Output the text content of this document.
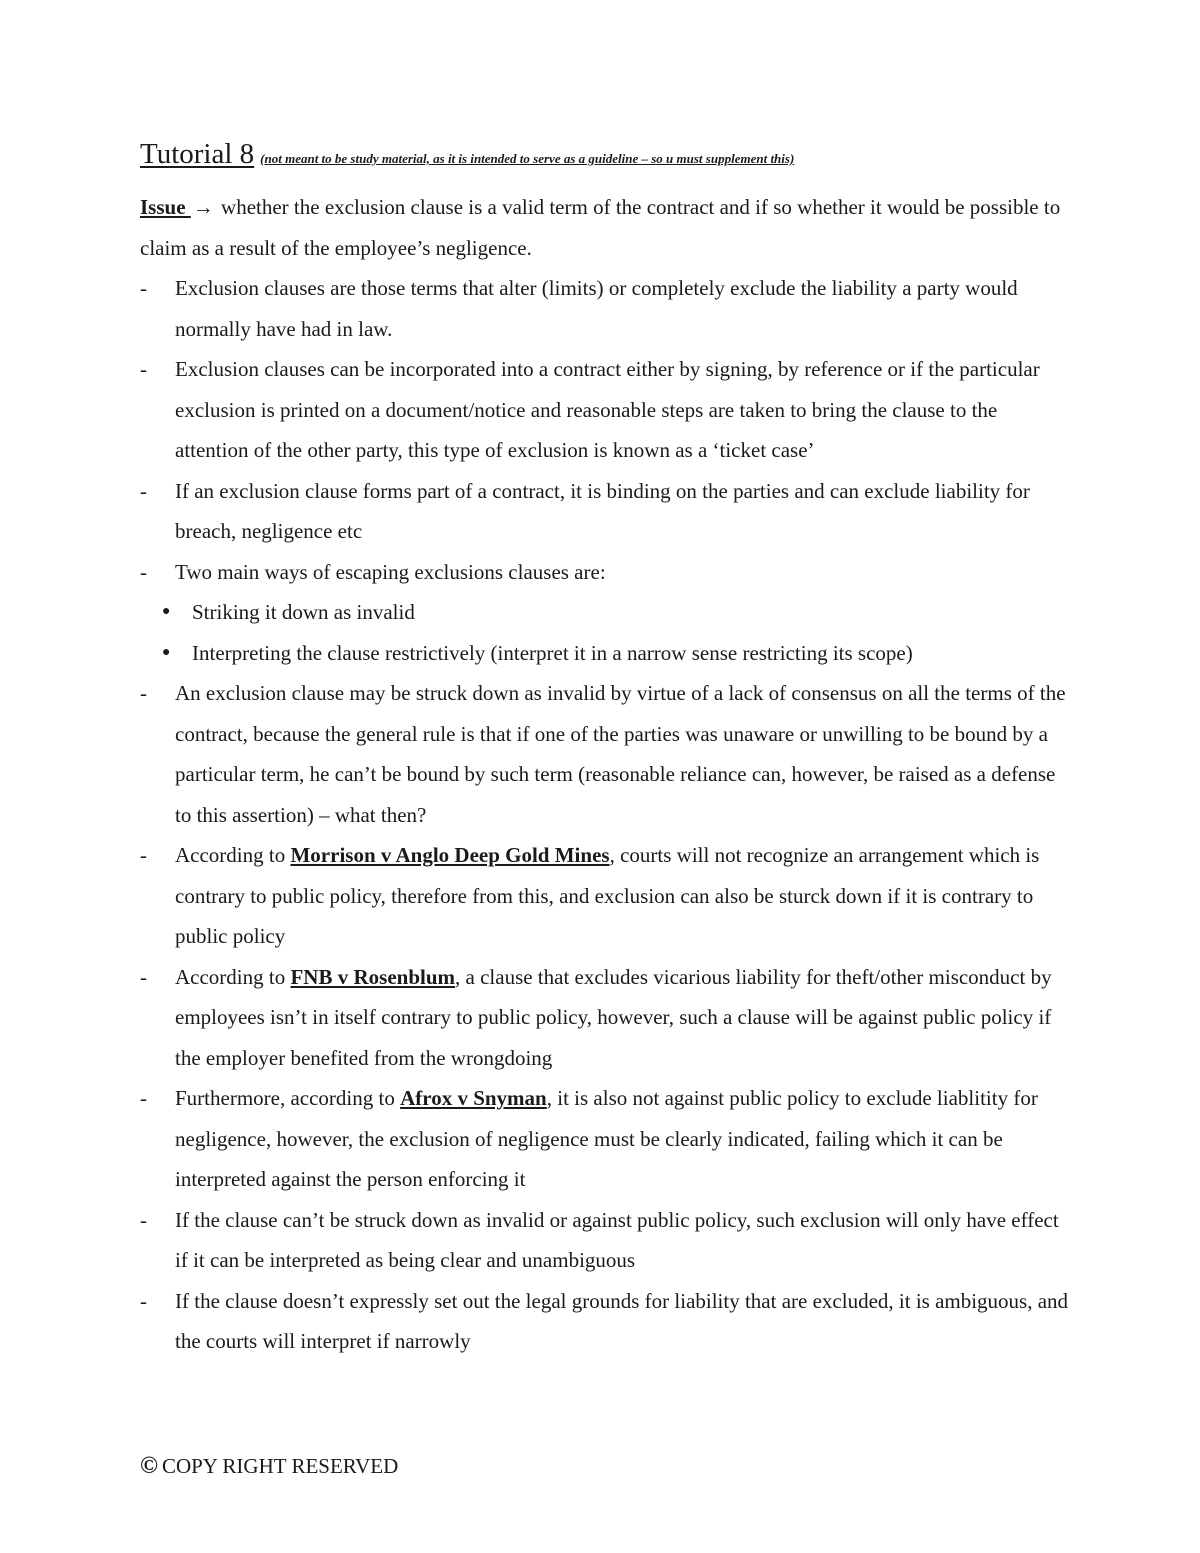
Tutorial 8 (not meant to be study material, as it is intended to serve as a guideline – so u must supplement this)

Issue → whether the exclusion clause is a valid term of the contract and if so whether it would be possible to claim as a result of the employee’s negligence.

- Exclusion clauses are those terms that alter (limits) or completely exclude the liability a party would normally have had in law.
- Exclusion clauses can be incorporated into a contract either by signing, by reference or if the particular exclusion is printed on a document/notice and reasonable steps are taken to bring the clause to the attention of the other party, this type of exclusion is known as a ‘ticket case’
- If an exclusion clause forms part of a contract, it is binding on the parties and can exclude liability for breach, negligence etc
- Two main ways of escaping exclusions clauses are:
● Striking it down as invalid
● Interpreting the clause restrictively (interpret it in a narrow sense restricting its scope)
- An exclusion clause may be struck down as invalid by virtue of a lack of consensus on all the terms of the contract, because the general rule is that if one of the parties was unaware or unwilling to be bound by a particular term, he can’t be bound by such term (reasonable reliance can, however, be raised as a defense to this assertion) – what then?
- According to Morrison v Anglo Deep Gold Mines, courts will not recognize an arrangement which is contrary to public policy, therefore from this, and exclusion can also be sturck down if it is contrary to public policy
- According to FNB v Rosenblum, a clause that excludes vicarious liability for theft/other misconduct by employees isn’t in itself contrary to public policy, however, such a clause will be against public policy if the employer benefited from the wrongdoing
- Furthermore, according to Afrox v Snyman, it is also not against public policy to exclude liablitity for negligence, however, the exclusion of negligence must be clearly indicated, failing which it can be interpreted against the person enforcing it
- If the clause can’t be struck down as invalid or against public policy, such exclusion will only have effect if it can be interpreted as being clear and unambiguous
- If the clause doesn’t expressly set out the legal grounds for liability that are excluded, it is ambiguous, and the courts will interpret if narrowly
© COPY RIGHT RESERVED
